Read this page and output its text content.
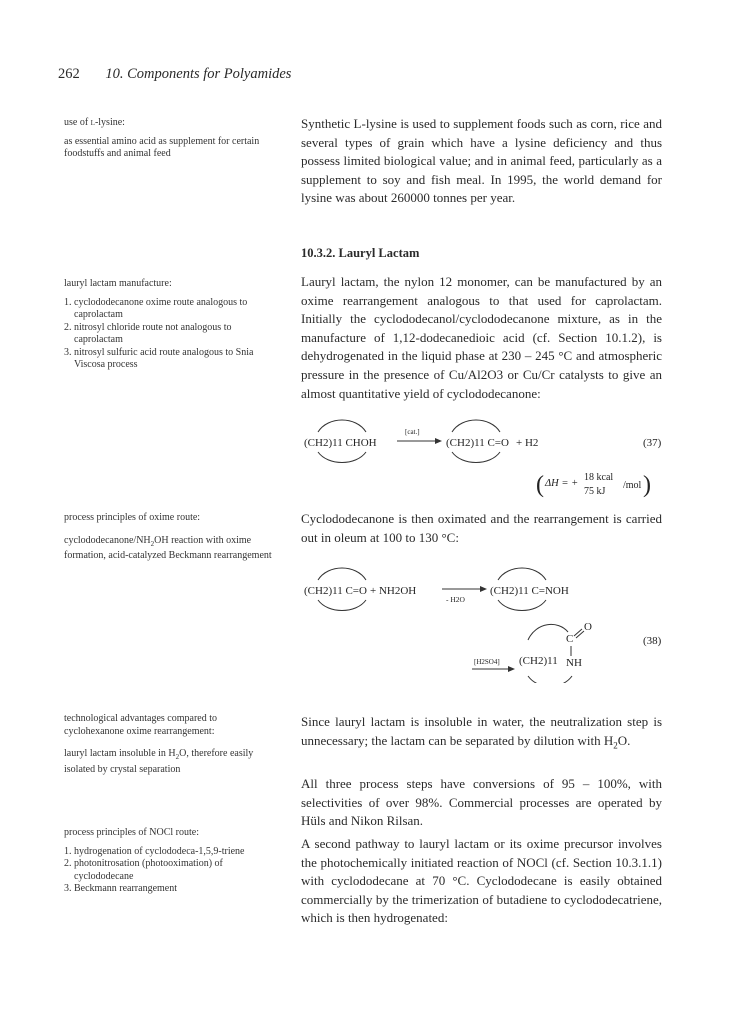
262 10. Components for Polyamides

use of l-lysine:

as essential amino acid as supplement for certain foodstuffs and animal feed

lauryl lactam manufacture:

1. cyclododecanone oxime route analogous to caprolactam
2. nitrosyl chloride route not analogous to caprolactam
3. nitrosyl sulfuric acid route analogous to Snia Viscosa process

process principles of oxime route:

cyclododecanone/$NH_2OH$ reaction with oxime formation, acid-catalyzed Beckmann rearrangement

technological advantages compared to cyclohexanone oxime rearrangement:

lauryl lactam insoluble in $H_2O$, therefore easily isolated by crystal separation

process principles of NOCl route:

1. hydrogenation of cyclododeca-1,5,9-triene
2. photonitrosation (photooximation) of cyclododecane
3. Beckmann rearrangement

Synthetic L-lysine is used to supplement foods such as corn, rice and several types of grain which have a lysine deficiency and thus possess limited biological value; and in animal feed, particularly as a supplement to soy and fish meal. In 1995, the world demand for lysine was about 260000 tonnes per year.

10.3.2. Lauryl Lactam

Lauryl lactam, the nylon 12 monomer, can be manufactured by an oxime rearrangement analogous to that used for caprolactam. Initially the cyclododecanol/cyclododecanone mixture, as in the manufacture of 1,12-dodecanedioic acid (cf. Section 10.1.2), is dehydrogenated in the liquid phase at 230 – 245 °C and atmospheric pressure in the presence of Cu/Al2O3 or Cu/Cr catalysts to give an almost quantitative yield of cyclododecanone:

(CH2)11 CHOH
[cat.]
(CH2)11 C=O + H2	(37)
( ΔH = +
18 kcal
75 kJ
/mol )

Cyclododecanone is then oximated and the rearrangement is carried out in oleum at 100 to 130 °C:

(CH2)11 C=O + NH2OH
- H2O
(CH2)11 C=NOH
(38)
[H2SO4] (CH2)11
C
O
NH

Since lauryl lactam is insoluble in water, the neutralization step is unnecessary; the lactam can be separated by dilution with $H_2O$.

All three process steps have conversions of 95 – 100%, with selectivities of over 98%. Commercial processes are operated by Hüls and Nikon Rilsan.

A second pathway to lauryl lactam or its oxime precursor involves the photochemically initiated reaction of NOCl (cf. Section 10.3.1.1) with cyclododecane at 70 °C. Cyclododecane is easily obtained commercially by the trimerization of butadiene to cyclododecatriene, which is then hydrogenated:
